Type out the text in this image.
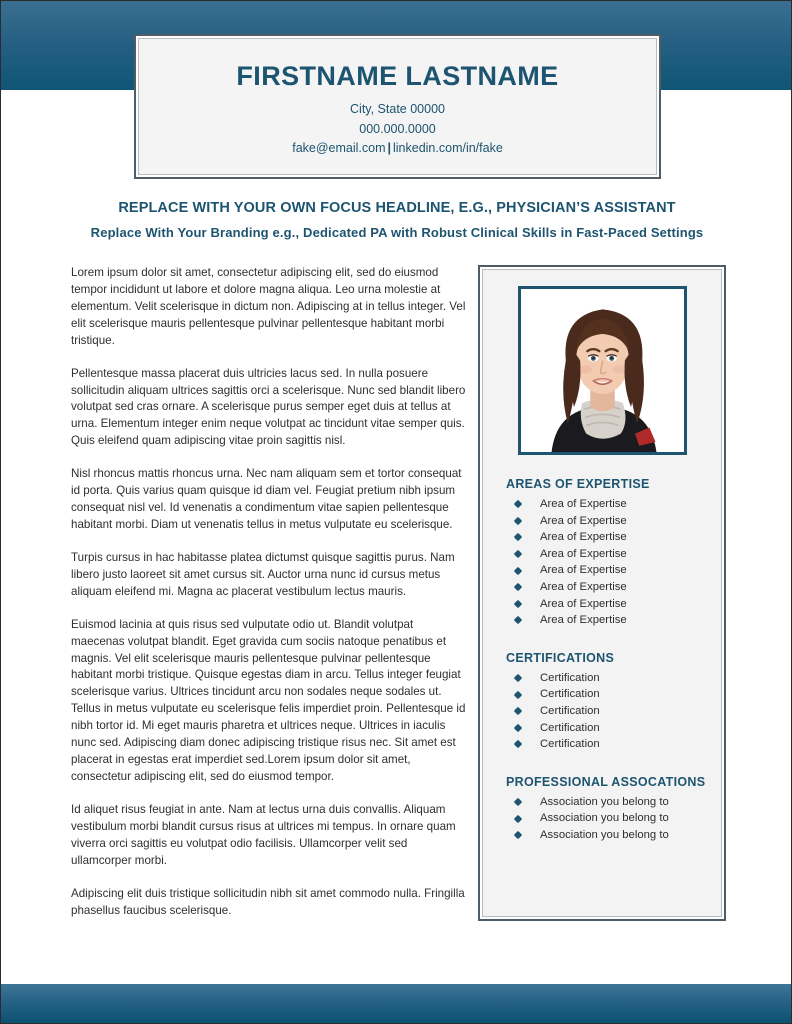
FIRSTNAME LASTNAME
City, State 00000
000.000.0000
fake@email.com | linkedin.com/in/fake
REPLACE WITH YOUR OWN FOCUS HEADLINE, E.G., PHYSICIAN’S ASSISTANT
Replace With Your Branding e.g., Dedicated PA with Robust Clinical Skills in Fast-Paced Settings

Lorem ipsum dolor sit amet, consectetur adipiscing elit, sed do eiusmod tempor incididunt ut labore et dolore magna aliqua. Leo urna molestie at elementum. Velit scelerisque in dictum non. Adipiscing at in tellus integer. Vel elit scelerisque mauris pellentesque pulvinar pellentesque habitant morbi tristique.

Pellentesque massa placerat duis ultricies lacus sed. In nulla posuere sollicitudin aliquam ultrices sagittis orci a scelerisque. Nunc sed blandit libero volutpat sed cras ornare. A scelerisque purus semper eget duis at tellus at urna. Elementum integer enim neque volutpat ac tincidunt vitae semper quis. Quis eleifend quam adipiscing vitae proin sagittis nisl.

Nisl rhoncus mattis rhoncus urna. Nec nam aliquam sem et tortor consequat id porta. Quis varius quam quisque id diam vel. Feugiat pretium nibh ipsum consequat nisl vel. Id venenatis a condimentum vitae sapien pellentesque habitant morbi. Diam ut venenatis tellus in metus vulputate eu scelerisque.

Turpis cursus in hac habitasse platea dictumst quisque sagittis purus. Nam libero justo laoreet sit amet cursus sit. Auctor urna nunc id cursus metus aliquam eleifend mi. Magna ac placerat vestibulum lectus mauris.

Euismod lacinia at quis risus sed vulputate odio ut. Blandit volutpat maecenas volutpat blandit. Eget gravida cum sociis natoque penatibus et magnis. Vel elit scelerisque mauris pellentesque pulvinar pellentesque habitant morbi tristique. Quisque egestas diam in arcu. Tellus integer feugiat scelerisque varius. Ultrices tincidunt arcu non sodales neque sodales ut. Tellus in metus vulputate eu scelerisque felis imperdiet proin. Pellentesque id nibh tortor id. Mi eget mauris pharetra et ultrices neque. Ultrices in iaculis nunc sed. Adipiscing diam donec adipiscing tristique risus nec. Sit amet est placerat in egestas erat imperdiet sed.Lorem ipsum dolor sit amet, consectetur adipiscing elit, sed do eiusmod tempor.

Id aliquet risus feugiat in ante. Nam at lectus urna duis convallis. Aliquam vestibulum morbi blandit cursus risus at ultrices mi tempus. In ornare quam viverra orci sagittis eu volutpat odio facilisis. Ullamcorper velit sed ullamcorper morbi.

Adipiscing elit duis tristique sollicitudin nibh sit amet commodo nulla. Fringilla phasellus faucibus scelerisque.

AREAS OF EXPERTISE
Area of Expertise
Area of Expertise
Area of Expertise
Area of Expertise
Area of Expertise
Area of Expertise
Area of Expertise
Area of Expertise
CERTIFICATIONS
Certification
Certification
Certification
Certification
Certification
PROFESSIONAL ASSOCATIONS
Association you belong to
Association you belong to
Association you belong to
